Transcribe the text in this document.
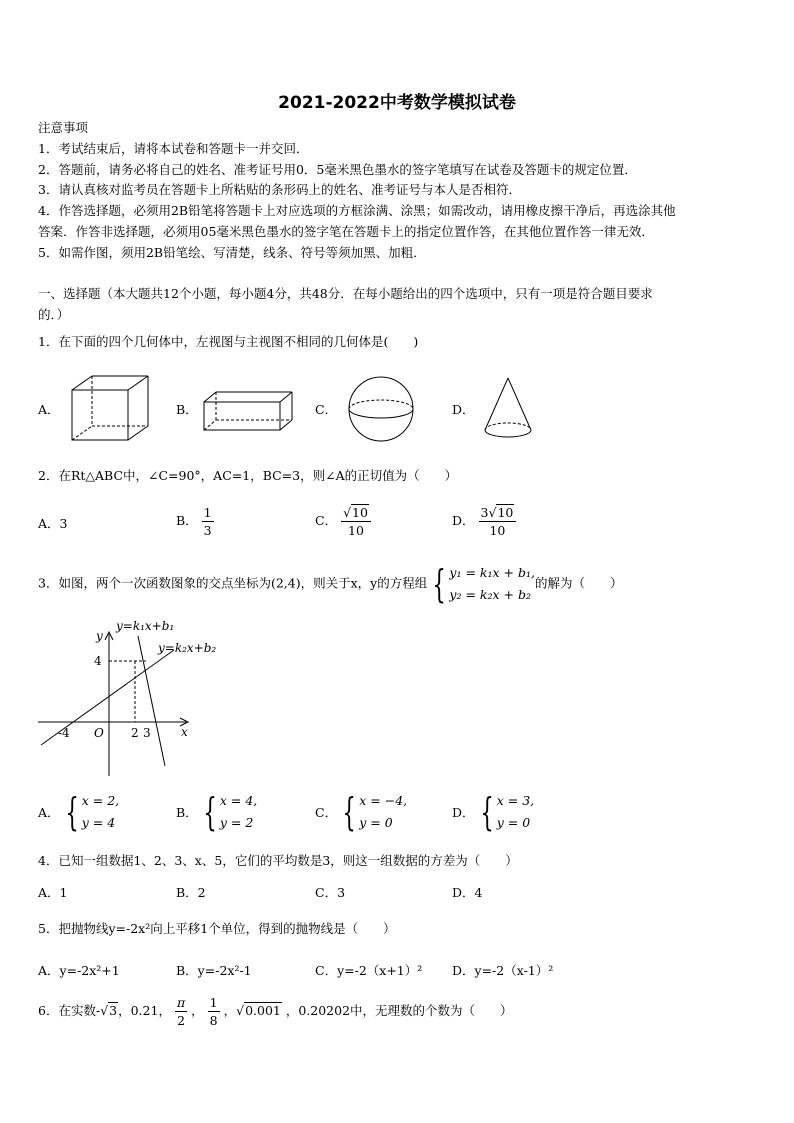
2021-2022中考数学模拟试卷
注意事项
1．考试结束后，请将本试卷和答题卡一并交回．
2．答题前，请务必将自己的姓名、准考证号用0．5毫米黑色墨水的签字笔填写在试卷及答题卡的规定位置．
3．请认真核对监考员在答题卡上所粘贴的条形码上的姓名、准考证号与本人是否相符．
4．作答选择题，必须用2B铅笔将答题卡上对应选项的方框涂满、涂黑；如需改动，请用橡皮擦干净后，再选涂其他
答案．作答非选择题，必须用05毫米黑色墨水的签字笔在答题卡上的指定位置作答，在其他位置作答一律无效．
5．如需作图，须用2B铅笔绘、写清楚，线条、符号等须加黑、加粗．
一、选择题（本大题共12个小题，每小题4分，共48分．在每小题给出的四个选项中，只有一项是符合题目要求
的．）
1．在下面的四个几何体中，左视图与主视图不相同的几何体是(　　)
A．	B．	C．	D．
2．在Rt△ABC中，∠C=90°，AC=1，BC=3，则∠A的正切值为（　　）
A．3	B． $\frac{1}{3}$	C． $\frac{√10}{10}$	D． $\frac{3√10}{10}$
3．如图，两个一次函数图象的交点坐标为(2,4)，则关于x，y的方程组 { y₁ = k₁x + b₁,
y₂ = k₂x + b₂
的解为（　　）
y=k₁x+b₁
y=k₂x+b₂
y
x
O
-4	2 3
4
A． { x = 2,
y = 4
B． { x = 4,
y = 2
C． { x = −4,
y = 0
D． { x = 3,
y = 0
4．已知一组数据1、2、3、x、5，它们的平均数是3，则这一组数据的方差为（　　）
A．1	B．2	C．3	D．4
5．把抛物线y=-2x²向上平移1个单位，得到的抛物线是（　　）
A．y=-2x²+1	B．y=-2x²-1	C．y=-2（x+1）² D．y=-2（x-1）²
6．在实数-√3，0.21， $\frac{\pi}{2}$ ， $\frac{1}{8}$ ，√0.001 ，0.20202中，无理数的个数为（　　）
